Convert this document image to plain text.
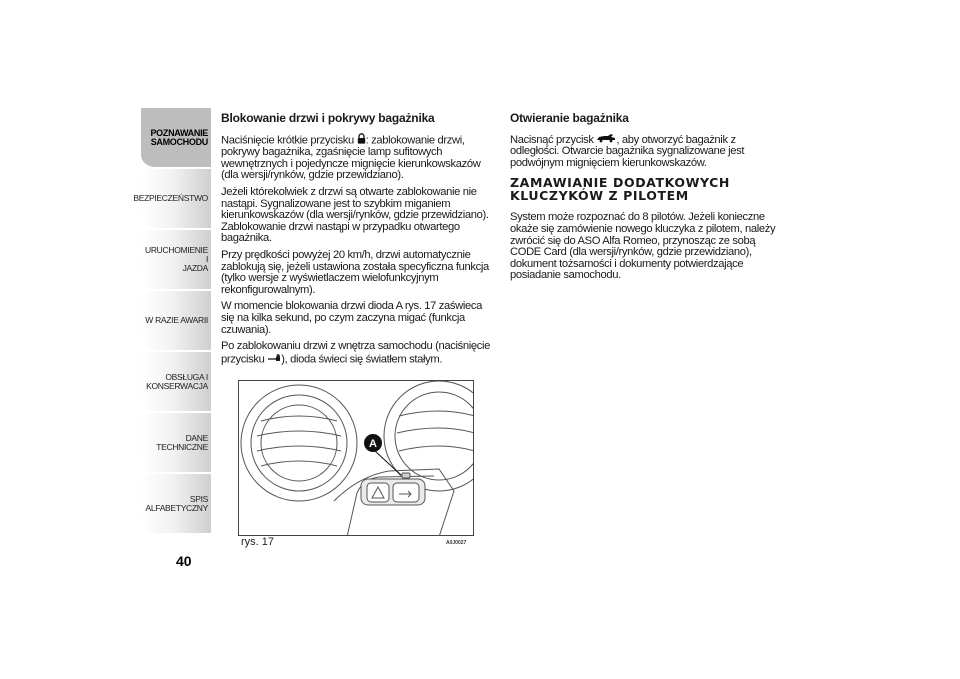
POZNAWANIE
SAMOCHODU
BEZPIECZEŃSTWO
URUCHOMIENIE I
JAZDA
W RAZIE AWARII
OBSŁUGA I
KONSERWACJA
DANE TECHNICZNE
SPIS ALFABETYCZNY
40
Blokowanie drzwi i pokrywy bagażnika

Naciśnięcie krótkie przycisku : zablokowanie drzwi, pokrywy bagażnika, zgaśnięcie lamp sufitowych wewnętrznych i pojedyncze mignięcie kierunkowskazów (dla wersji/rynków, gdzie przewidziano).

Jeżeli którekolwiek z drzwi są otwarte zablokowanie nie nastąpi. Sygnalizowane jest to szybkim miganiem kierunkowskazów (dla wersji/rynków, gdzie przewidziano). Zablokowanie drzwi nastąpi w przypadku otwartego bagażnika.

Przy prędkości powyżej 20 km/h, drzwi automatycznie zablokują się, jeżeli ustawiona została specyficzna funkcja (tylko wersje z wyświetlaczem wielofunkcyjnym rekonfigurowalnym).

W momencie blokowania drzwi dioda A rys. 17 zaświeca się na kilka sekund, po czym zaczyna migać (funkcja czuwania).

Po zablokowaniu drzwi z wnętrza samochodu (naciśnięcie przycisku ), dioda świeci się światłem stałym.

Otwieranie bagażnika

Nacisnąć przycisk , aby otworzyć bagażnik z odległości. Otwarcie bagażnika sygnalizowane jest podwójnym mignięciem kierunkowskazów.

ZAMAWIANIE DODATKOWYCH KLUCZYKÓW Z PILOTEM

System może rozpoznać do 8 pilotów. Jeżeli konieczne okaże się zamówienie nowego kluczyka z pilotem, należy zwrócić się do ASO Alfa Romeo, przynosząc ze sobą CODE Card (dla wersji/rynków, gdzie przewidziano), dokument tożsamości i dokumenty potwierdzające posiadanie samochodu.

A
rys. 17	A0J0027
